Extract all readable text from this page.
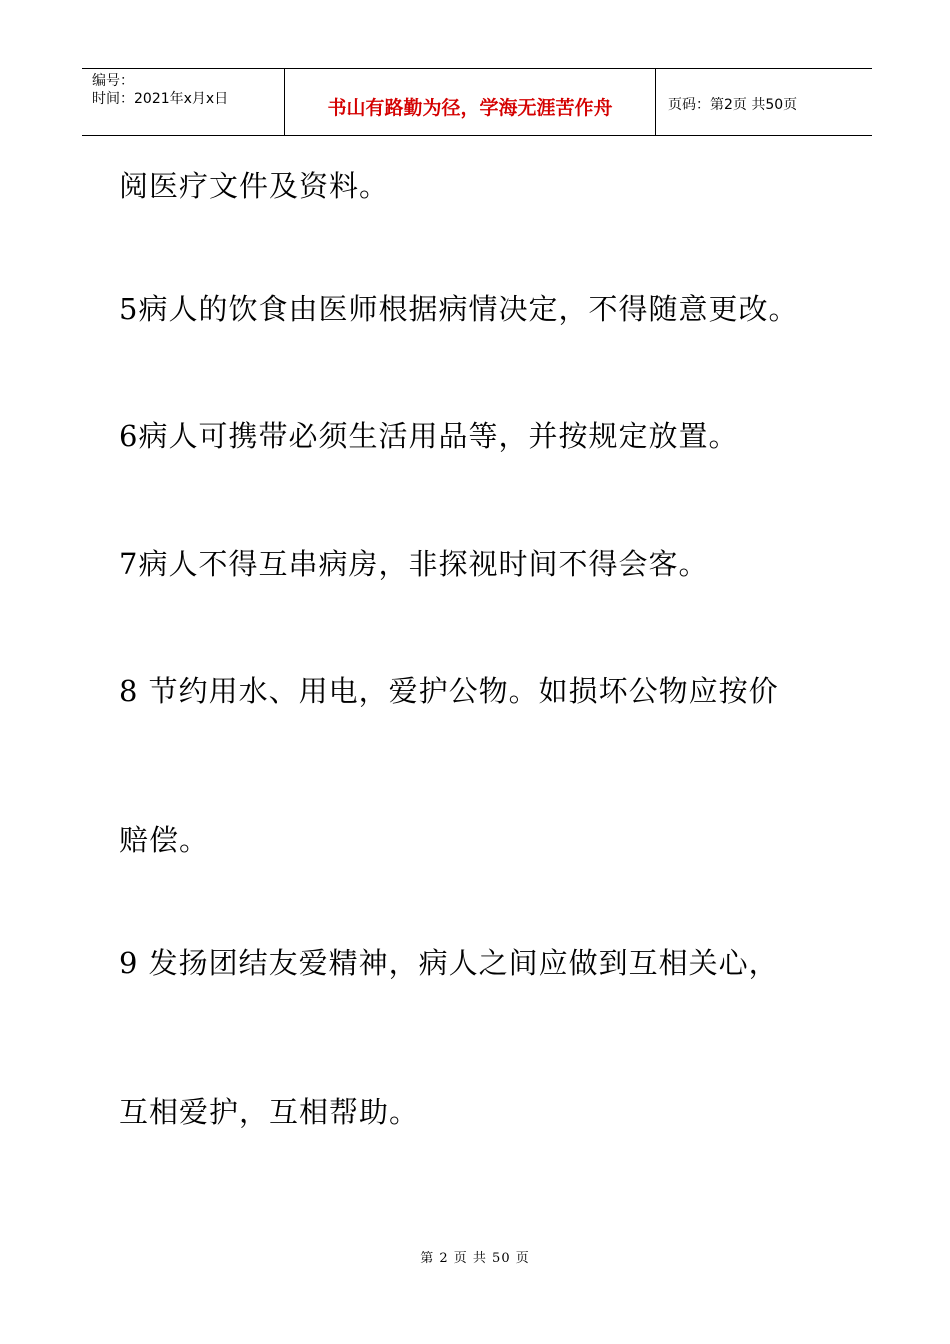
编号：
时间：2021年x月x日	书山有路勤为径，学海无涯苦作舟	页码：第2页 共50页
阅医疗文件及资料。
5病人的饮食由医师根据病情决定，不得随意更改。
6病人可携带必须生活用品等，并按规定放置。
7病人不得互串病房，非探视时间不得会客。
8 节约用水、用电，爱护公物。如损坏公物应按价
赔偿。
9 发扬团结友爱精神，病人之间应做到互相关心，
互相爱护，互相帮助。
第 2 页 共 50 页
